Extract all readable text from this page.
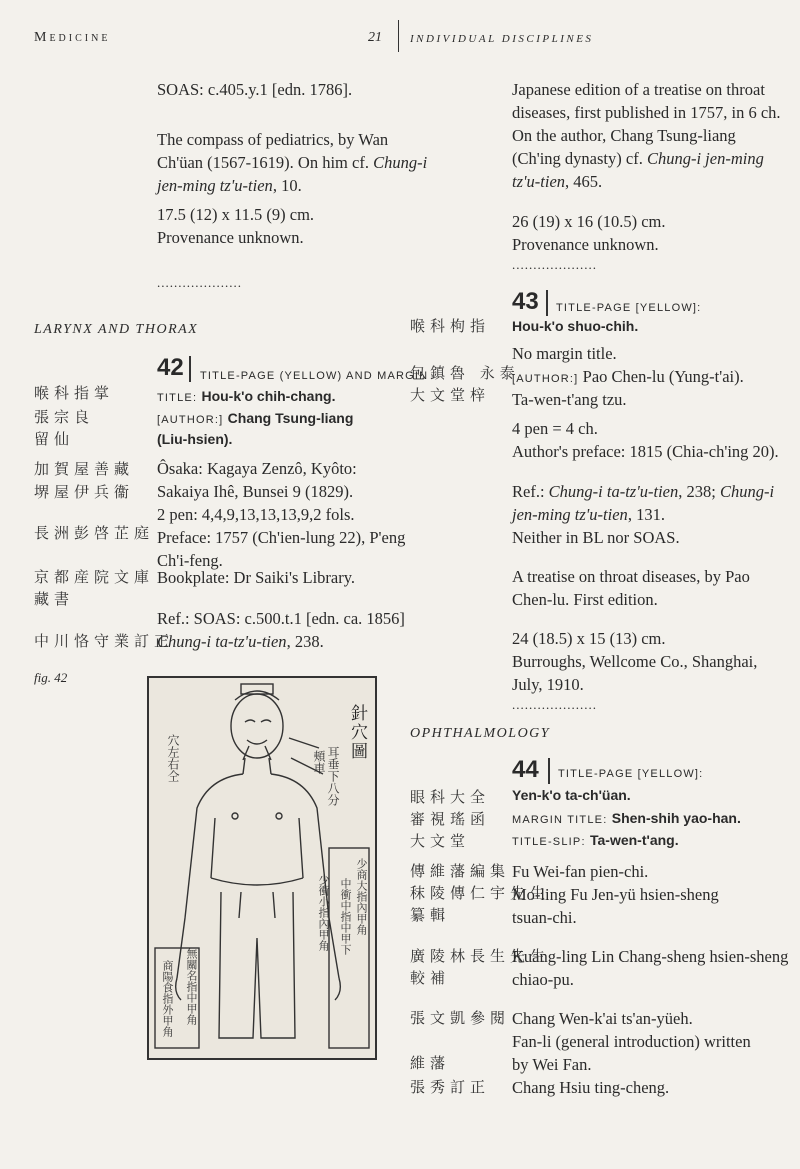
Medicine	21	INDIVIDUAL DISCIPLINES
SOAS: c.405.y.1 [edn. 1786].
The compass of pediatrics, by Wan
Ch'üan (1567-1619). On him cf. Chung-i
jen-ming tz'u-tien, 10.
17.5 (12) x 11.5 (9) cm.
Provenance unknown.
....................
LARYNX AND THORAX
42 TITLE-PAGE (YELLOW) AND MARGIN
TITLE: Hou-k'o chih-chang.
[AUTHOR:] Chang Tsung-liang
(Liu-hsien).
Ôsaka: Kagaya Zenzô, Kyôto:
Sakaiya Ihê, Bunsei 9 (1829).
2 pen: 4,4,9,13,13,13,9,2 fols.
Preface: 1757 (Ch'ien-lung 22), P'eng
Ch'i-feng.
Bookplate: Dr Saiki's Library.
Ref.: SOAS: c.500.t.1 [edn. ca. 1856]
Chung-i ta-tz'u-tien, 238.
喉科指掌
張宗良
留仙
加賀屋善藏
堺屋伊兵衞
長洲彭啓芷庭
京都産院文庫
藏書
中川恪守業訂正
fig. 42
針穴圖
穴左右仝	耳垂下八分
頰車
少商大指內甲角
中衝中指中甲下
少衝小指內甲角
無關名指中甲角
商陽食指外甲角
Japanese edition of a treatise on throat
diseases, first published in 1757, in 6 ch.
On the author, Chang Tsung-liang
(Ch'ing dynasty) cf. Chung-i jen-ming
tz'u-tien, 465.
26 (19) x 16 (10.5) cm.
Provenance unknown.
....................
43 TITLE-PAGE [YELLOW]:
Hou-k'o shuo-chih.
No margin title.
[AUTHOR:] Pao Chen-lu (Yung-t'ai).
Ta-wen-t'ang tzu.
4 pen = 4 ch.
Author's preface: 1815 (Chia-ch'ing 20).
Ref.: Chung-i ta-tz'u-tien, 238; Chung-i
jen-ming tz'u-tien, 131.
Neither in BL nor SOAS.
A treatise on throat diseases, by Pao
Chen-lu. First edition.
24 (18.5) x 15 (13) cm.
Burroughs, Wellcome Co., Shanghai,
July, 1910.
....................
OPHTHALMOLOGY
44 TITLE-PAGE [YELLOW]:
Yen-k'o ta-ch'üan.
MARGIN TITLE: Shen-shih yao-han.
TITLE-SLIP: Ta-wen-t'ang.
Fu Wei-fan pien-chi.
Mo-ling Fu Jen-yü hsien-sheng
tsuan-chi.
Kuang-ling Lin Chang-sheng hsien-sheng
chiao-pu.
Chang Wen-k'ai ts'an-yüeh.
Fan-li (general introduction) written
by Wei Fan.
Chang Hsiu ting-cheng.
喉科枸指
包鎮魯 永泰
大文堂梓
眼科大全
審視瑤函
大文堂
傳維藩編集
秣陵傳仁宇先生
纂輯
廣陵林長生先生
較補
張文凱參閱
維藩
張秀訂正
